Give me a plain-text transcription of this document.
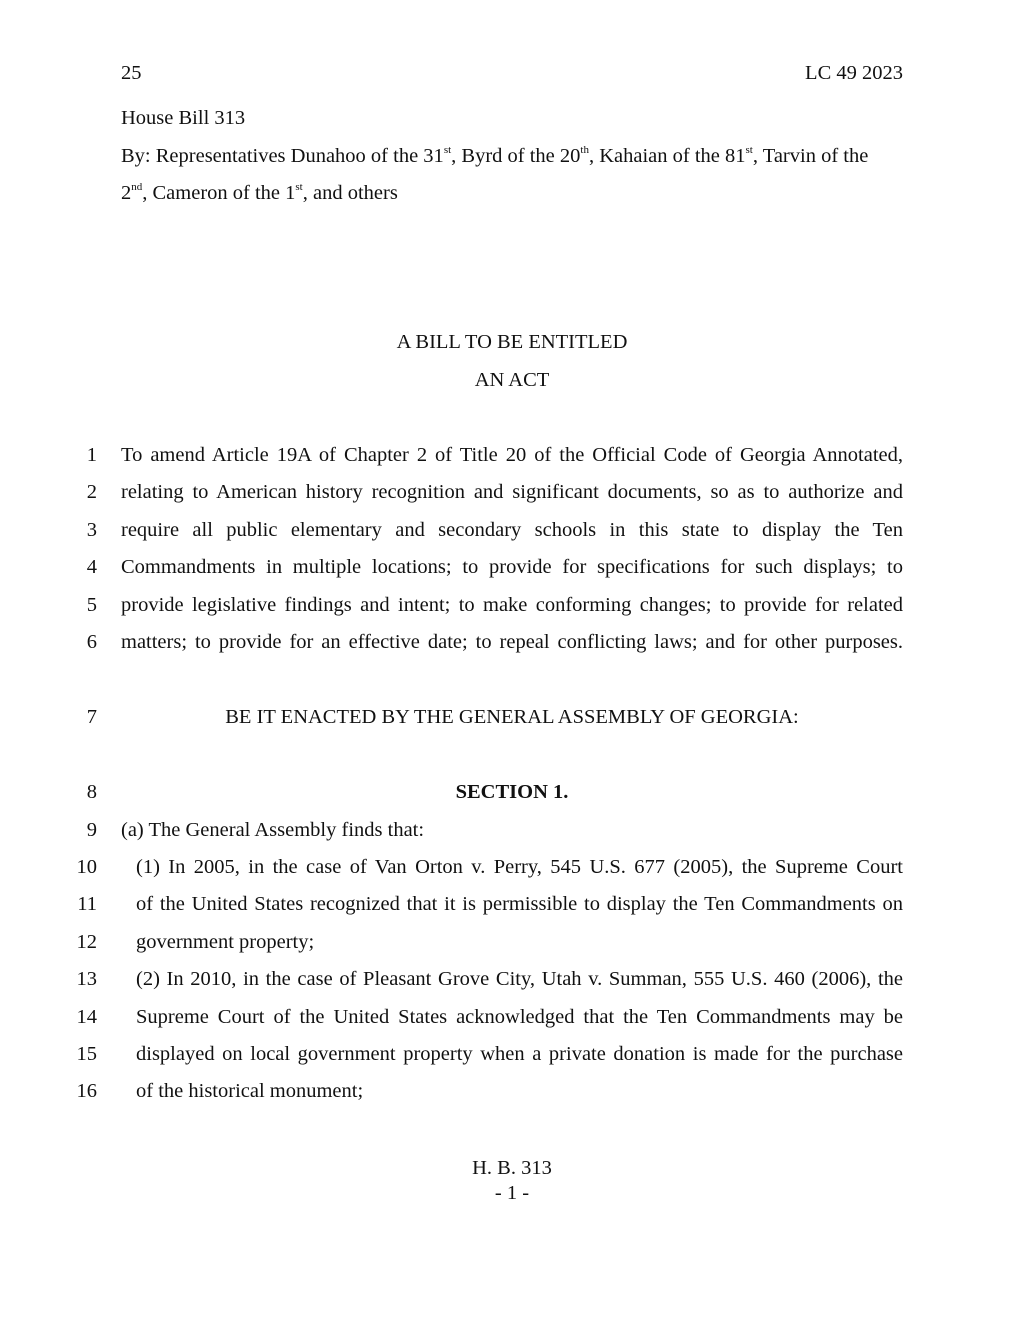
25	LC 49 2023
House Bill 313
By: Representatives Dunahoo of the 31st, Byrd of the 20th, Kahaian of the 81st, Tarvin of the
2nd, Cameron of the 1st, and others
A BILL TO BE ENTITLED
AN ACT
1 To amend Article 19A of Chapter 2 of Title 20 of the Official Code of Georgia Annotated,
2 relating to American history recognition and significant documents, so as to authorize and
3 require all public elementary and secondary schools in this state to display the Ten
4 Commandments in multiple locations; to provide for specifications for such displays; to
5 provide legislative findings and intent; to make conforming changes; to provide for related
6 matters; to provide for an effective date; to repeal conflicting laws; and for other purposes.
7	BE IT ENACTED BY THE GENERAL ASSEMBLY OF GEORGIA:
8	SECTION 1.
9 (a) The General Assembly finds that:
10 (1) In 2005, in the case of Van Orton v. Perry, 545 U.S. 677 (2005), the Supreme Court
11 of the United States recognized that it is permissible to display the Ten Commandments on
12 government property;
13 (2) In 2010, in the case of Pleasant Grove City, Utah v. Summan, 555 U.S. 460 (2006), the
14 Supreme Court of the United States acknowledged that the Ten Commandments may be
15 displayed on local government property when a private donation is made for the purchase
16 of the historical monument;
H. B. 313
- 1 -
